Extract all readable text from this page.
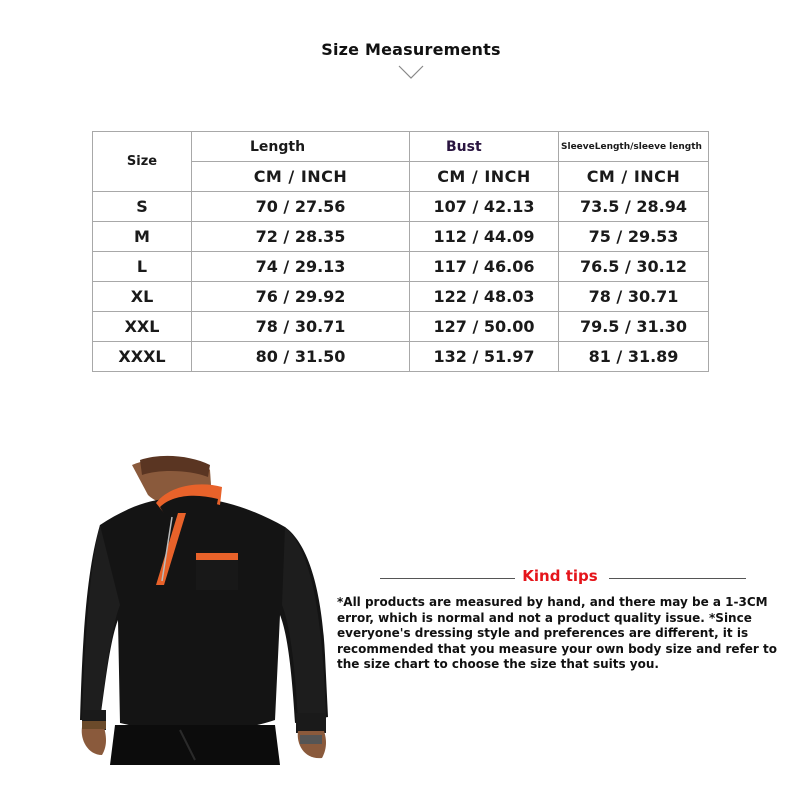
Size Measurements
Size	Length	Bust	SleeveLength/sleeve length
	CM / INCH	CM / INCH	CM / INCH
S	70 / 27.56	107 / 42.13	73.5 / 28.94
M	72 / 28.35	112 / 44.09	75 / 29.53
L	74 / 29.13	117 / 46.06	76.5 / 30.12
XL	76 / 29.92	122 / 48.03	78 / 30.71
XXL	78 / 30.71	127 / 50.00	79.5 / 31.30
XXXL	80 / 31.50	132 / 51.97	81 / 31.89
Kind tips
*All products are measured by hand, and there may be a 1-3CM error, which is normal and not a product quality issue. *Since everyone's dressing style and preferences are different, it is recommended that you measure your own body size and refer to the size chart to choose the size that suits you.
